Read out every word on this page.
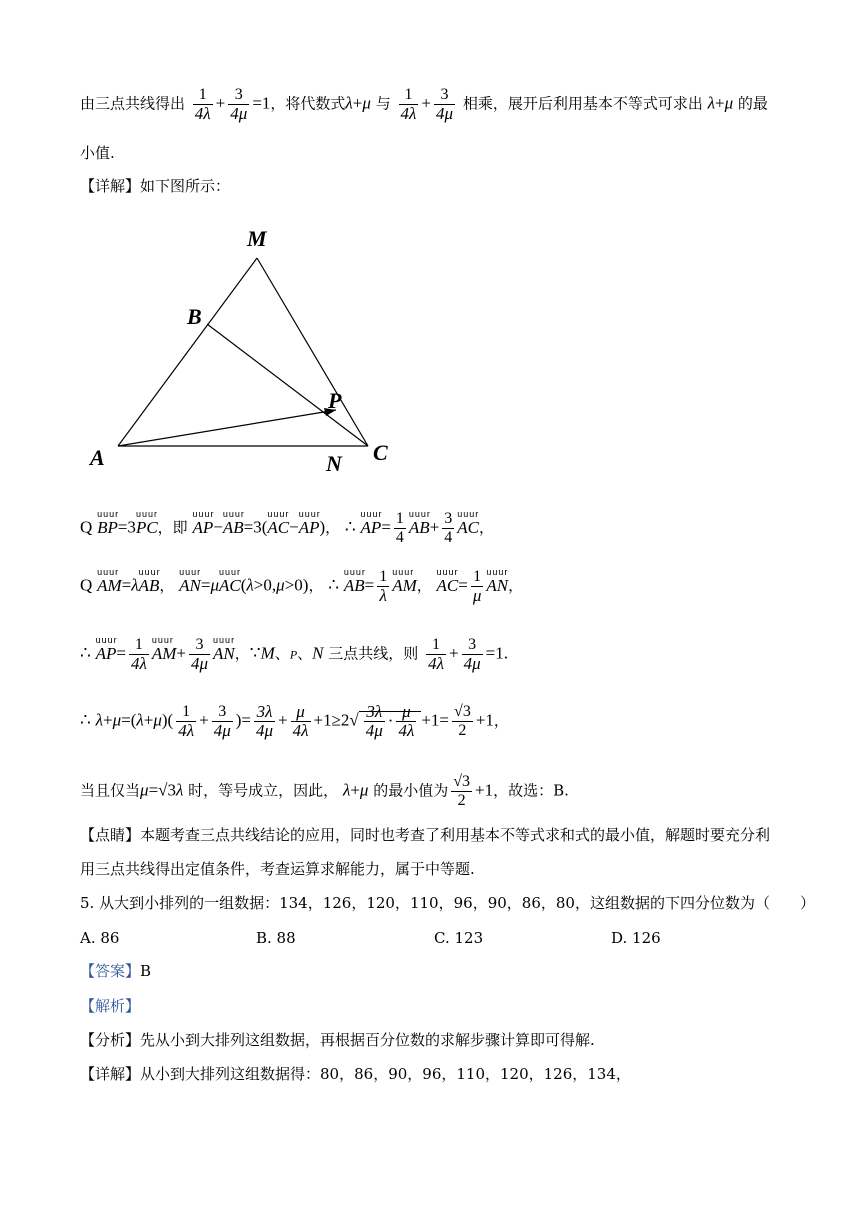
由三点共线得出 $\frac{1}{4\lambda} + \frac{3}{4\mu} =1$，将代数式λ+μ 与 $\frac{1}{4\lambda} + \frac{3}{4\mu}$ 相乘，展开后利用基本不等式可求出 λ+μ 的最
小值.
【详解】如下图所示：
M
B
P
A	N C
Q uuur BP=3uuur PC，即 uuur AP−uuur AB=3(uuur AC−uuur AP)， ∴ uuur $AP= \frac{1}{4}$ uuur $AB+ \frac{3}{4}$ uuur AC，
Q uuur AM=λuuur AB， uuur AN=μuuur AC(λ>0,μ>0)， ∴ uuur $AB= \frac{1}{\lambda}$ uuur AM， uuur $AC= \frac{1}{\mu}$ uuur AN，
∴ uuur $AP= \frac{1}{4\lambda}$ uuur $AM+ \frac{3}{4\mu}$ uuur AN，∵M、P、N 三点共线，则 $\frac{1}{4\lambda} + \frac{3}{4\mu} =1$.
∴ $\lambda+\mu=(\lambda+\mu)( \frac{1}{4\lambda} + \frac{3}{4\mu}$ )= $\frac{3\lambda}{4\mu} + \frac{\mu}{4\lambda} +1\ge 2√ \frac{3\lambda}{4\mu} \cdot \frac{\mu}{4\lambda} +1= \frac{√3}{2} +1$，
当且仅当μ=√3λ 时，等号成立，因此， λ+μ 的最小值为 $\frac{√3}{2} +1$，故选：B.
【点睛】本题考查三点共线结论的应用，同时也考查了利用基本不等式求和式的最小值，解题时要充分利
用三点共线得出定值条件，考查运算求解能力，属于中等题.
5. 从大到小排列的一组数据：134，126，120，110，96，90，86，80，这组数据的下四分位数为（　　）
A. 86	B. 88	C. 123	D. 126
【答案】B
【解析】
【分析】先从小到大排列这组数据，再根据百分位数的求解步骤计算即可得解.
【详解】从小到大排列这组数据得：80，86，90，96，110，120，126，134，
